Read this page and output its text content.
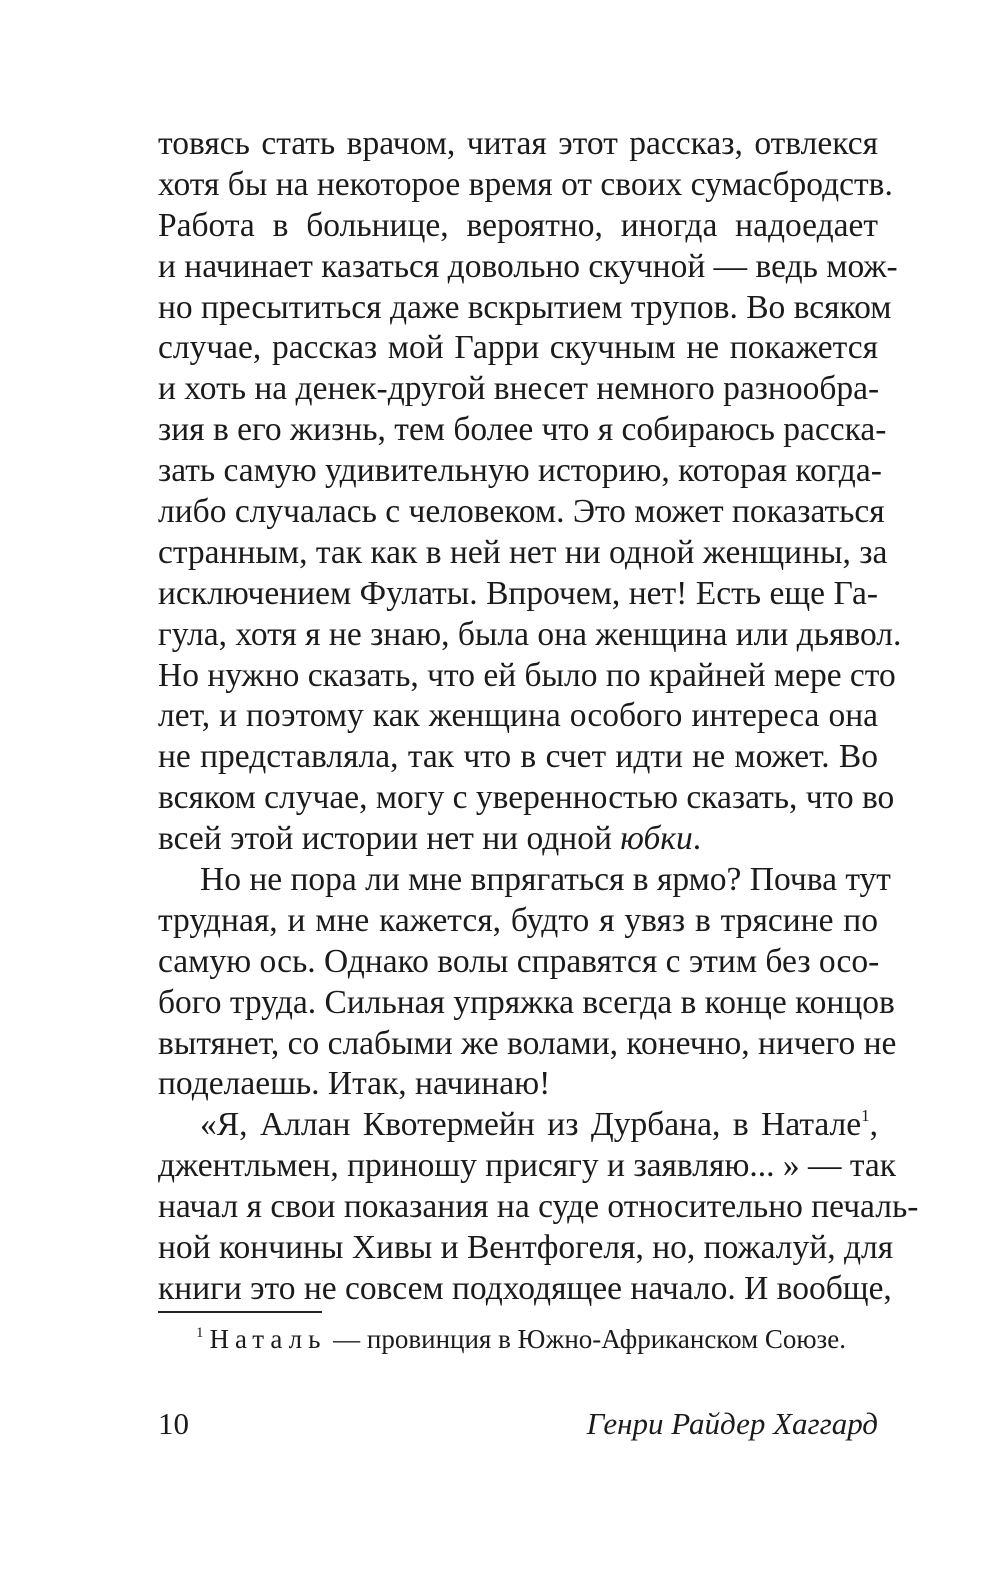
товясь стать врачом, читая этот рассказ, отвлекся
хотя бы на некоторое время от своих сумасбродств.
Работа в больнице, вероятно, иногда надоедает
и начинает казаться довольно скучной — ведь мож-
но пресытиться даже вскрытием трупов. Во всяком
случае, рассказ мой Гарри скучным не покажется
и хоть на денек-другой внесет немного разнообра-
зия в его жизнь, тем более что я собираюсь расска-
зать самую удивительную историю, которая когда-
либо случалась с человеком. Это может показаться
странным, так как в ней нет ни одной женщины, за
исключением Фулаты. Впрочем, нет! Есть еще Га-
гула, хотя я не знаю, была она женщина или дьявол.
Но нужно сказать, что ей было по крайней мере сто
лет, и поэтому как женщина особого интереса она
не представляла, так что в счет идти не может. Во
всяком случае, могу с уверенностью сказать, что во
всей этой истории нет ни одной юбки.
Но не пора ли мне впрягаться в ярмо? Почва тут
трудная, и мне кажется, будто я увяз в трясине по
самую ось. Однако волы справятся с этим без осо-
бого труда. Сильная упряжка всегда в конце концов
вытянет, со слабыми же волами, конечно, ничего не
поделаешь. Итак, начинаю!
«Я, Аллан Квотермейн из Дурбана, в Натале$^1$,
джентльмен, приношу присягу и заявляю... » — так
начал я свои показания на суде относительно печаль-
ной кончины Хивы и Вентфогеля, но, пожалуй, для
книги это не совсем подходящее начало. И вообще,
$^1$ Наталь — провинция в Южно-Африканском Союзе.
10	Генри Райдер Хаггард
